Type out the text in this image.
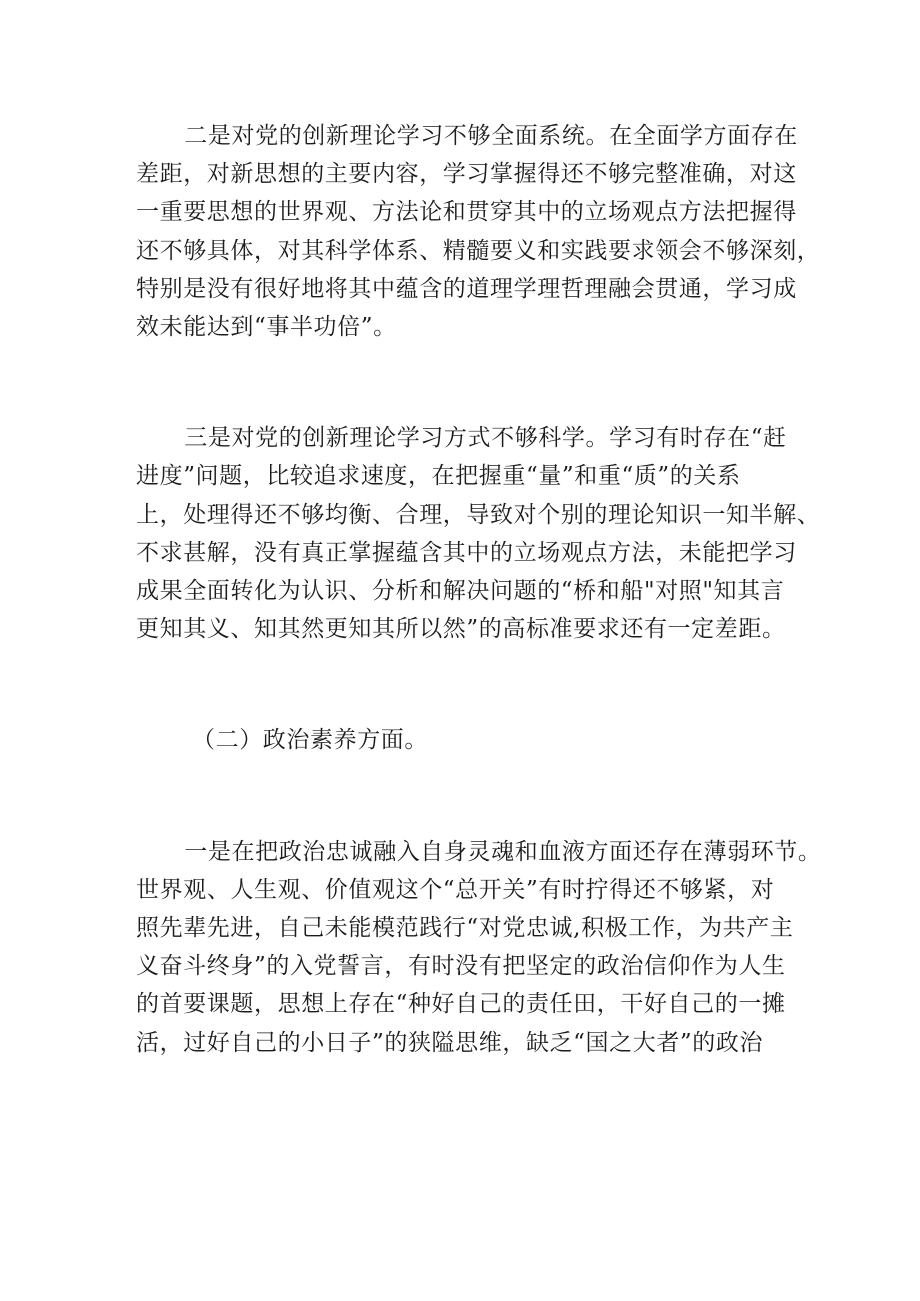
二是对党的创新理论学习不够全面系统。在全面学方面存在
差距，对新思想的主要内容，学习掌握得还不够完整准确，对这
一重要思想的世界观、方法论和贯穿其中的立场观点方法把握得
还不够具体，对其科学体系、精髓要义和实践要求领会不够深刻，
特别是没有很好地将其中蕴含的道理学理哲理融会贯通，学习成
效未能达到“事半功倍”。
三是对党的创新理论学习方式不够科学。学习有时存在“赶
进度”问题，比较追求速度，在把握重“量”和重“质”的关系
上，处理得还不够均衡、合理，导致对个别的理论知识一知半解、
不求甚解，没有真正掌握蕴含其中的立场观点方法，未能把学习
成果全面转化为认识、分析和解决问题的“桥和船"对照"知其言
更知其义、知其然更知其所以然”的高标准要求还有一定差距。
（二）政治素养方面。
一是在把政治忠诚融入自身灵魂和血液方面还存在薄弱环节。
世界观、人生观、价值观这个“总开关”有时拧得还不够紧，对
照先辈先进，自己未能模范践行“对党忠诚,积极工作，为共产主
义奋斗终身”的入党誓言，有时没有把坚定的政治信仰作为人生
的首要课题，思想上存在“种好自己的责任田，干好自己的一摊
活，过好自己的小日子”的狭隘思维，缺乏“国之大者”的政治
